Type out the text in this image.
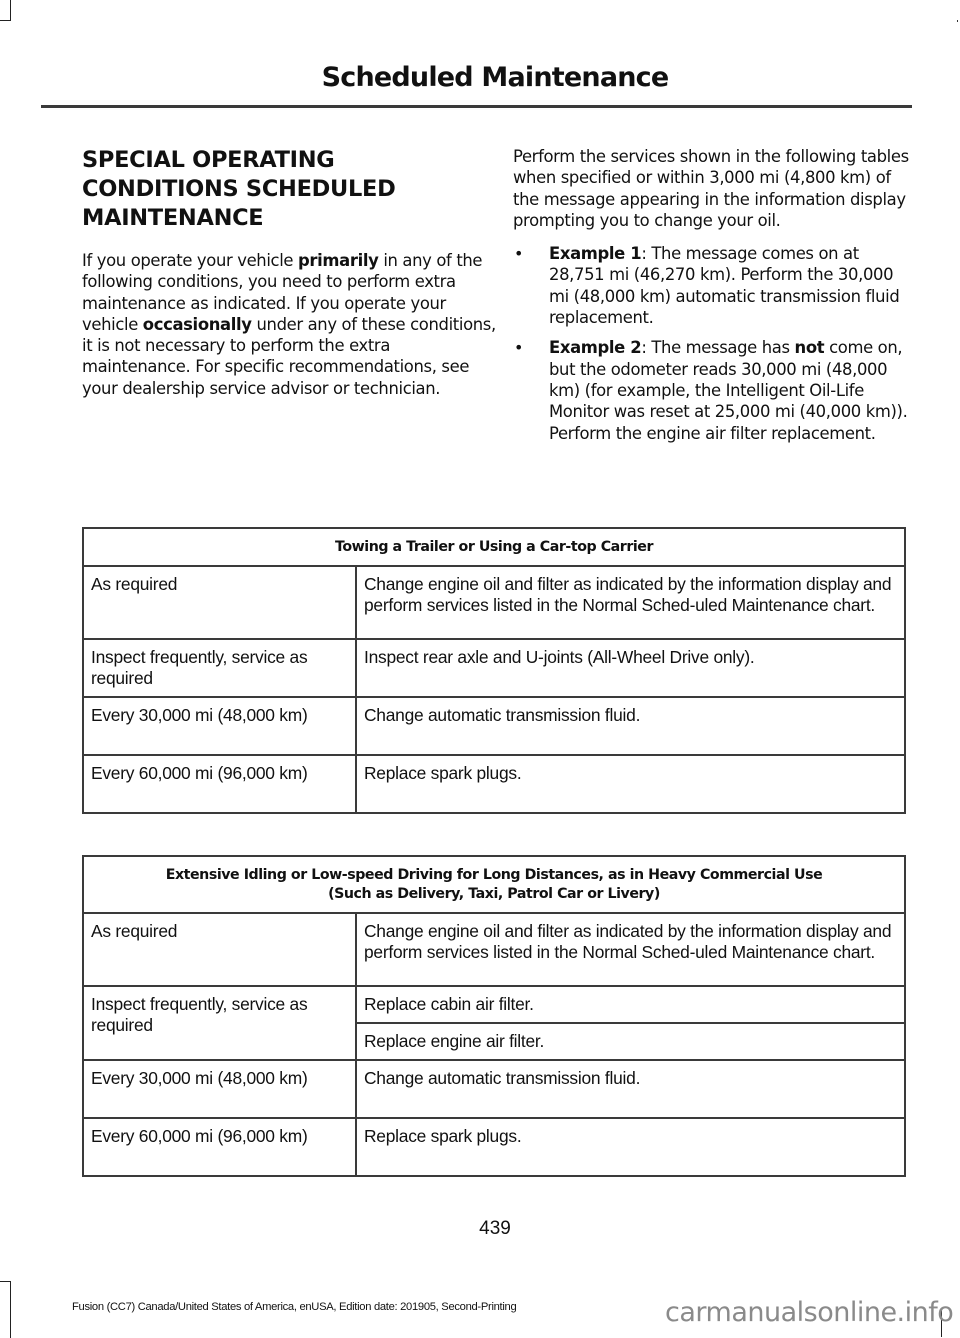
Scheduled Maintenance
SPECIAL OPERATING
CONDITIONS SCHEDULED
MAINTENANCE

If you operate your vehicle primarily in any of the following conditions, you need to perform extra maintenance as indicated. If you operate your vehicle occasionally under any of these conditions, it is not necessary to perform the extra maintenance. For specific recommendations, see your dealership service advisor or technician.

Perform the services shown in the following tables when specified or within 3,000 mi (4,800 km) of the message appearing in the information display prompting you to change your oil.

• Example 1: The message comes on at 28,751 mi (46,270 km). Perform the 30,000 mi (48,000 km) automatic transmission fluid replacement.
• Example 2: The message has not come on, but the odometer reads 30,000 mi (48,000 km) (for example, the Intelligent Oil-Life Monitor was reset at 25,000 mi (40,000 km)). Perform the engine air filter replacement.
Towing a Trailer or Using a Car-top Carrier	
As required	Change engine oil and filter as indicated by the information display and perform services listed in the Normal Sched-uled Maintenance chart.
Inspect frequently, service as required	Inspect rear axle and U-joints (All-Wheel Drive only).
Every 30,000 mi (48,000 km)	Change automatic transmission fluid.
Every 60,000 mi (96,000 km)	Replace spark plugs.
Extensive Idling or Low-speed Driving for Long Distances, as in Heavy Commercial Use
(Such as Delivery, Taxi, Patrol Car or Livery)	
As required	Change engine oil and filter as indicated by the information display and perform services listed in the Normal Sched-uled Maintenance chart.
Inspect frequently, service as required	Replace cabin air filter.
	Replace engine air filter.
Every 30,000 mi (48,000 km)	Change automatic transmission fluid.
Every 60,000 mi (96,000 km)	Replace spark plugs.
439
Fusion (CC7) Canada/United States of America, enUSA, Edition date: 201905, Second-Printing	carmanualsonline.info
